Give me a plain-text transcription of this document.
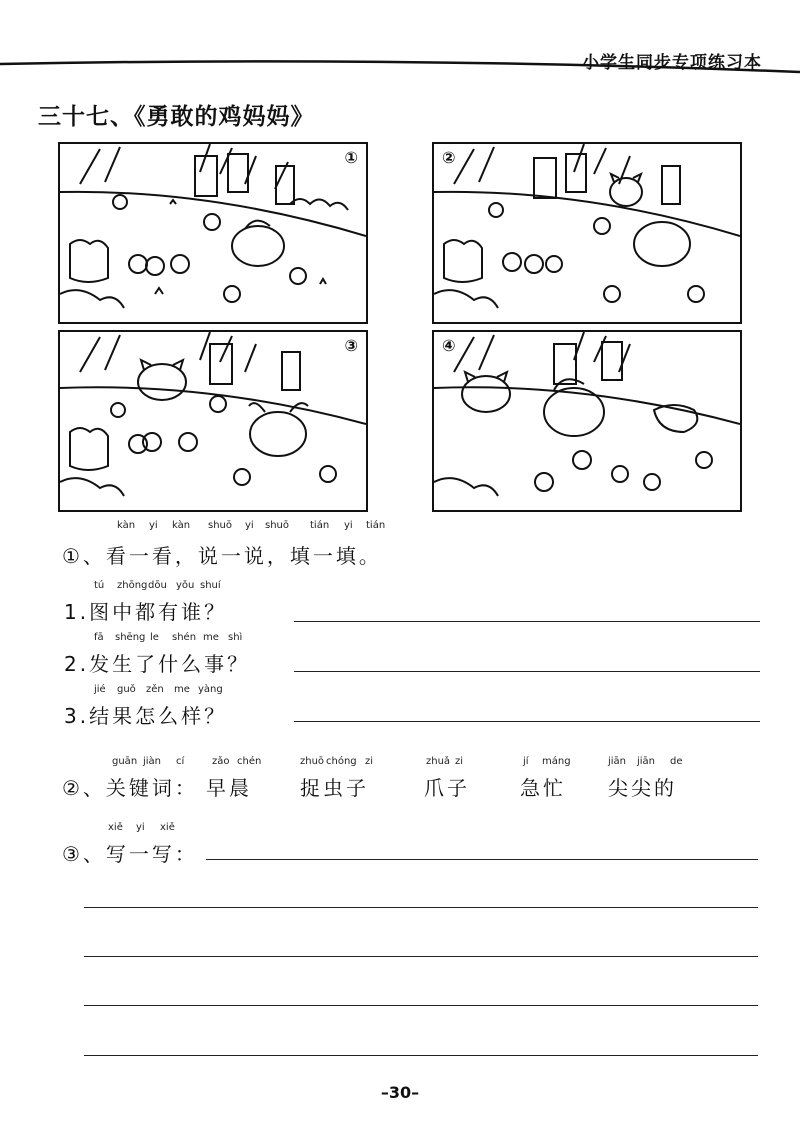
小学生同步专项练习本
三十七、《勇敢的鸡妈妈》
①	②
③	④
kàn yi kàn shuō yi shuō tián yi tián
①、看一看，说一说，填一填。
tú zhōng dōu yǒu shuí
1.图中都有谁？
fā shēng le shén me shì
2.发生了什么事？
jié guǒ zěn me yàng
3.结果怎么样？
guān jiàn cí	zǎo chén	zhuō chóng zi	zhuǎ zi	jí máng	jiān jiān de
②、关键词： 早晨 捉虫子	爪子	急忙 尖尖的
xiě yi xiě
③、写一写：
–30–
